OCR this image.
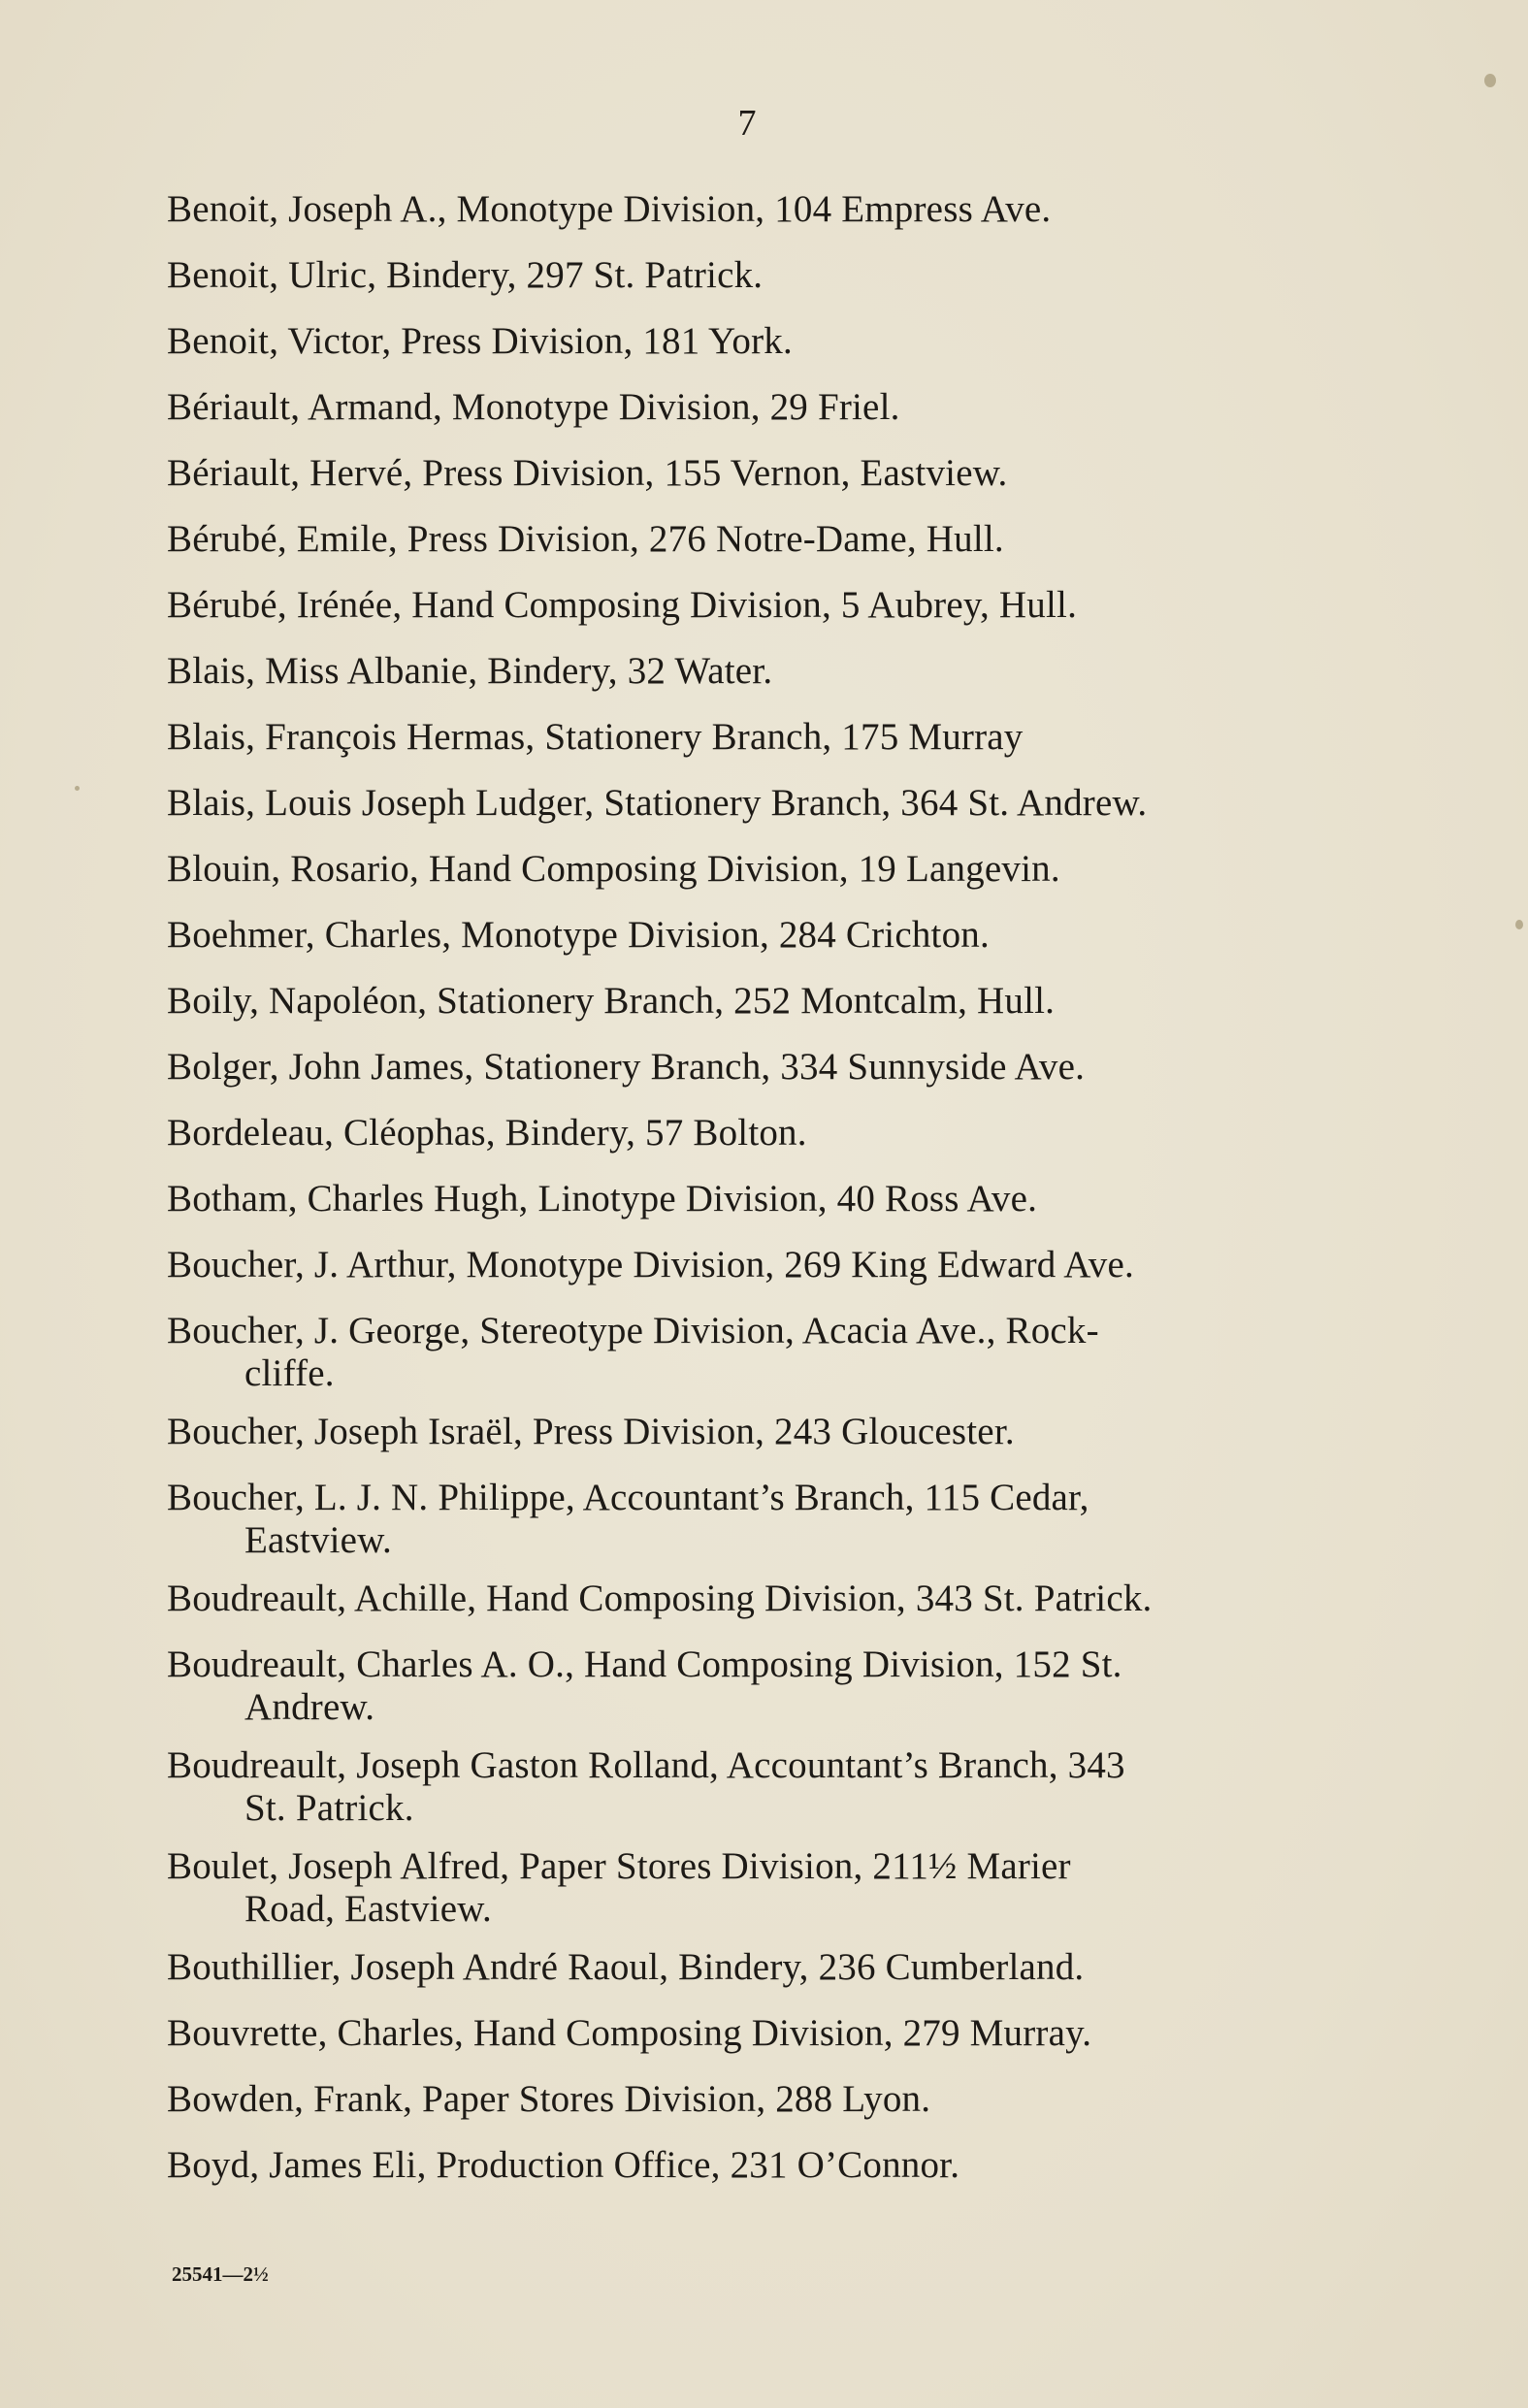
7
Benoit, Joseph A., Monotype Division, 104 Empress Ave.
Benoit, Ulric, Bindery, 297 St. Patrick.
Benoit, Victor, Press Division, 181 York.
Bériault, Armand, Monotype Division, 29 Friel.
Bériault, Hervé, Press Division, 155 Vernon, Eastview.
Bérubé, Emile, Press Division, 276 Notre-Dame, Hull.
Bérubé, Irénée, Hand Composing Division, 5 Aubrey, Hull.
Blais, Miss Albanie, Bindery, 32 Water.
Blais, François Hermas, Stationery Branch, 175 Murray
Blais, Louis Joseph Ludger, Stationery Branch, 364 St. Andrew.
Blouin, Rosario, Hand Composing Division, 19 Langevin.
Boehmer, Charles, Monotype Division, 284 Crichton.
Boily, Napoléon, Stationery Branch, 252 Montcalm, Hull.
Bolger, John James, Stationery Branch, 334 Sunnyside Ave.
Bordeleau, Cléophas, Bindery, 57 Bolton.
Botham, Charles Hugh, Linotype Division, 40 Ross Ave.
Boucher, J. Arthur, Monotype Division, 269 King Edward Ave.
Boucher, J. George, Stereotype Division, Acacia Ave., Rock-
cliffe.
Boucher, Joseph Israël, Press Division, 243 Gloucester.
Boucher, L. J. N. Philippe, Accountant’s Branch, 115 Cedar,
Eastview.
Boudreault, Achille, Hand Composing Division, 343 St. Patrick.
Boudreault, Charles A. O., Hand Composing Division, 152 St.
Andrew.
Boudreault, Joseph Gaston Rolland, Accountant’s Branch, 343
St. Patrick.
Boulet, Joseph Alfred, Paper Stores Division, 211½ Marier
Road, Eastview.
Bouthillier, Joseph André Raoul, Bindery, 236 Cumberland.
Bouvrette, Charles, Hand Composing Division, 279 Murray.
Bowden, Frank, Paper Stores Division, 288 Lyon.
Boyd, James Eli, Production Office, 231 O’Connor.
25541—2½
